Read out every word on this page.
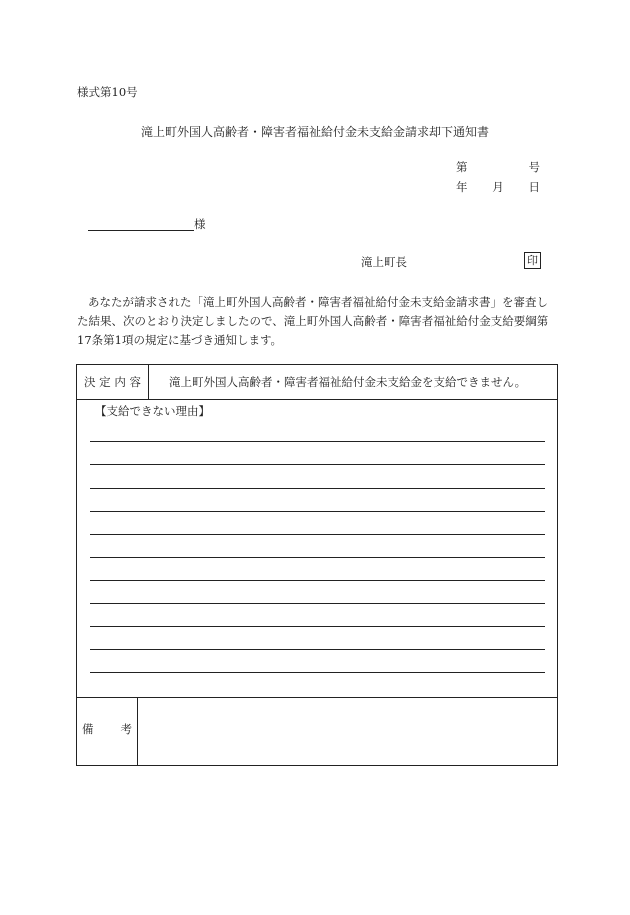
様式第10号
滝上町外国人高齢者・障害者福祉給付金未支給金請求却下通知書
第	号
年 月 日
様
滝上町長	印
あなたが請求された「滝上町外国人高齢者・障害者福祉給付金未支給金請求書」を審査した結果、次のとおり決定しましたので、滝上町外国人高齢者・障害者福祉給付金支給要綱第17条第1項の規定に基づき通知します。
決 定 内 容	滝上町外国人高齢者・障害者福祉給付金未支給金を支給できません。
【支給できない理由】
備 考
